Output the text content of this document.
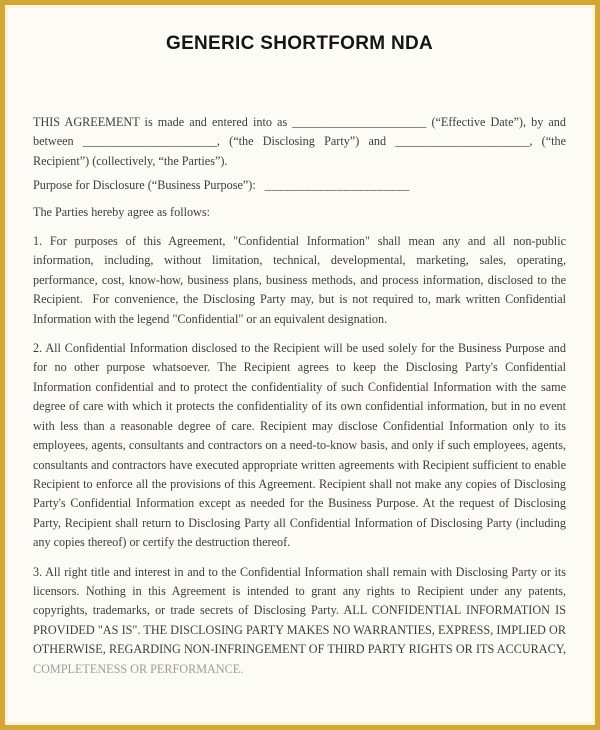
GENERIC SHORTFORM NDA

THIS AGREEMENT is made and entered into as ______________________ (“Effective Date”), by and between ______________________, (“the Disclosing Party”) and ______________________, (“the Recipient”) (collectively, “the Parties”).

Purpose for Disclosure (“Business Purpose”): ______________________

The Parties hereby agree as follows:

1. For purposes of this Agreement, "Confidential Information" shall mean any and all non-public information, including, without limitation, technical, developmental, marketing, sales, operating, performance, cost, know-how, business plans, business methods, and process information, disclosed to the Recipient.  For convenience, the Disclosing Party may, but is not required to, mark written Confidential Information with the legend "Confidential" or an equivalent designation.

2. All Confidential Information disclosed to the Recipient will be used solely for the Business Purpose and for no other purpose whatsoever. The Recipient agrees to keep the Disclosing Party's Confidential Information confidential and to protect the confidentiality of such Confidential Information with the same degree of care with which it protects the confidentiality of its own confidential information, but in no event with less than a reasonable degree of care. Recipient may disclose Confidential Information only to its employees, agents, consultants and contractors on a need-to-know basis, and only if such employees, agents, consultants and contractors have executed appropriate written agreements with Recipient sufficient to enable Recipient to enforce all the provisions of this Agreement. Recipient shall not make any copies of Disclosing Party's Confidential Information except as needed for the Business Purpose. At the request of Disclosing Party, Recipient shall return to Disclosing Party all Confidential Information of Disclosing Party (including any copies thereof) or certify the destruction thereof.

3. All right title and interest in and to the Confidential Information shall remain with Disclosing Party or its licensors. Nothing in this Agreement is intended to grant any rights to Recipient under any patents, copyrights, trademarks, or trade secrets of Disclosing Party. ALL CONFIDENTIAL INFORMATION IS PROVIDED "AS IS". THE DISCLOSING PARTY MAKES NO WARRANTIES, EXPRESS, IMPLIED OR OTHERWISE, REGARDING NON-INFRINGEMENT OF THIRD PARTY RIGHTS OR ITS ACCURACY, COMPLETENESS OR PERFORMANCE.
